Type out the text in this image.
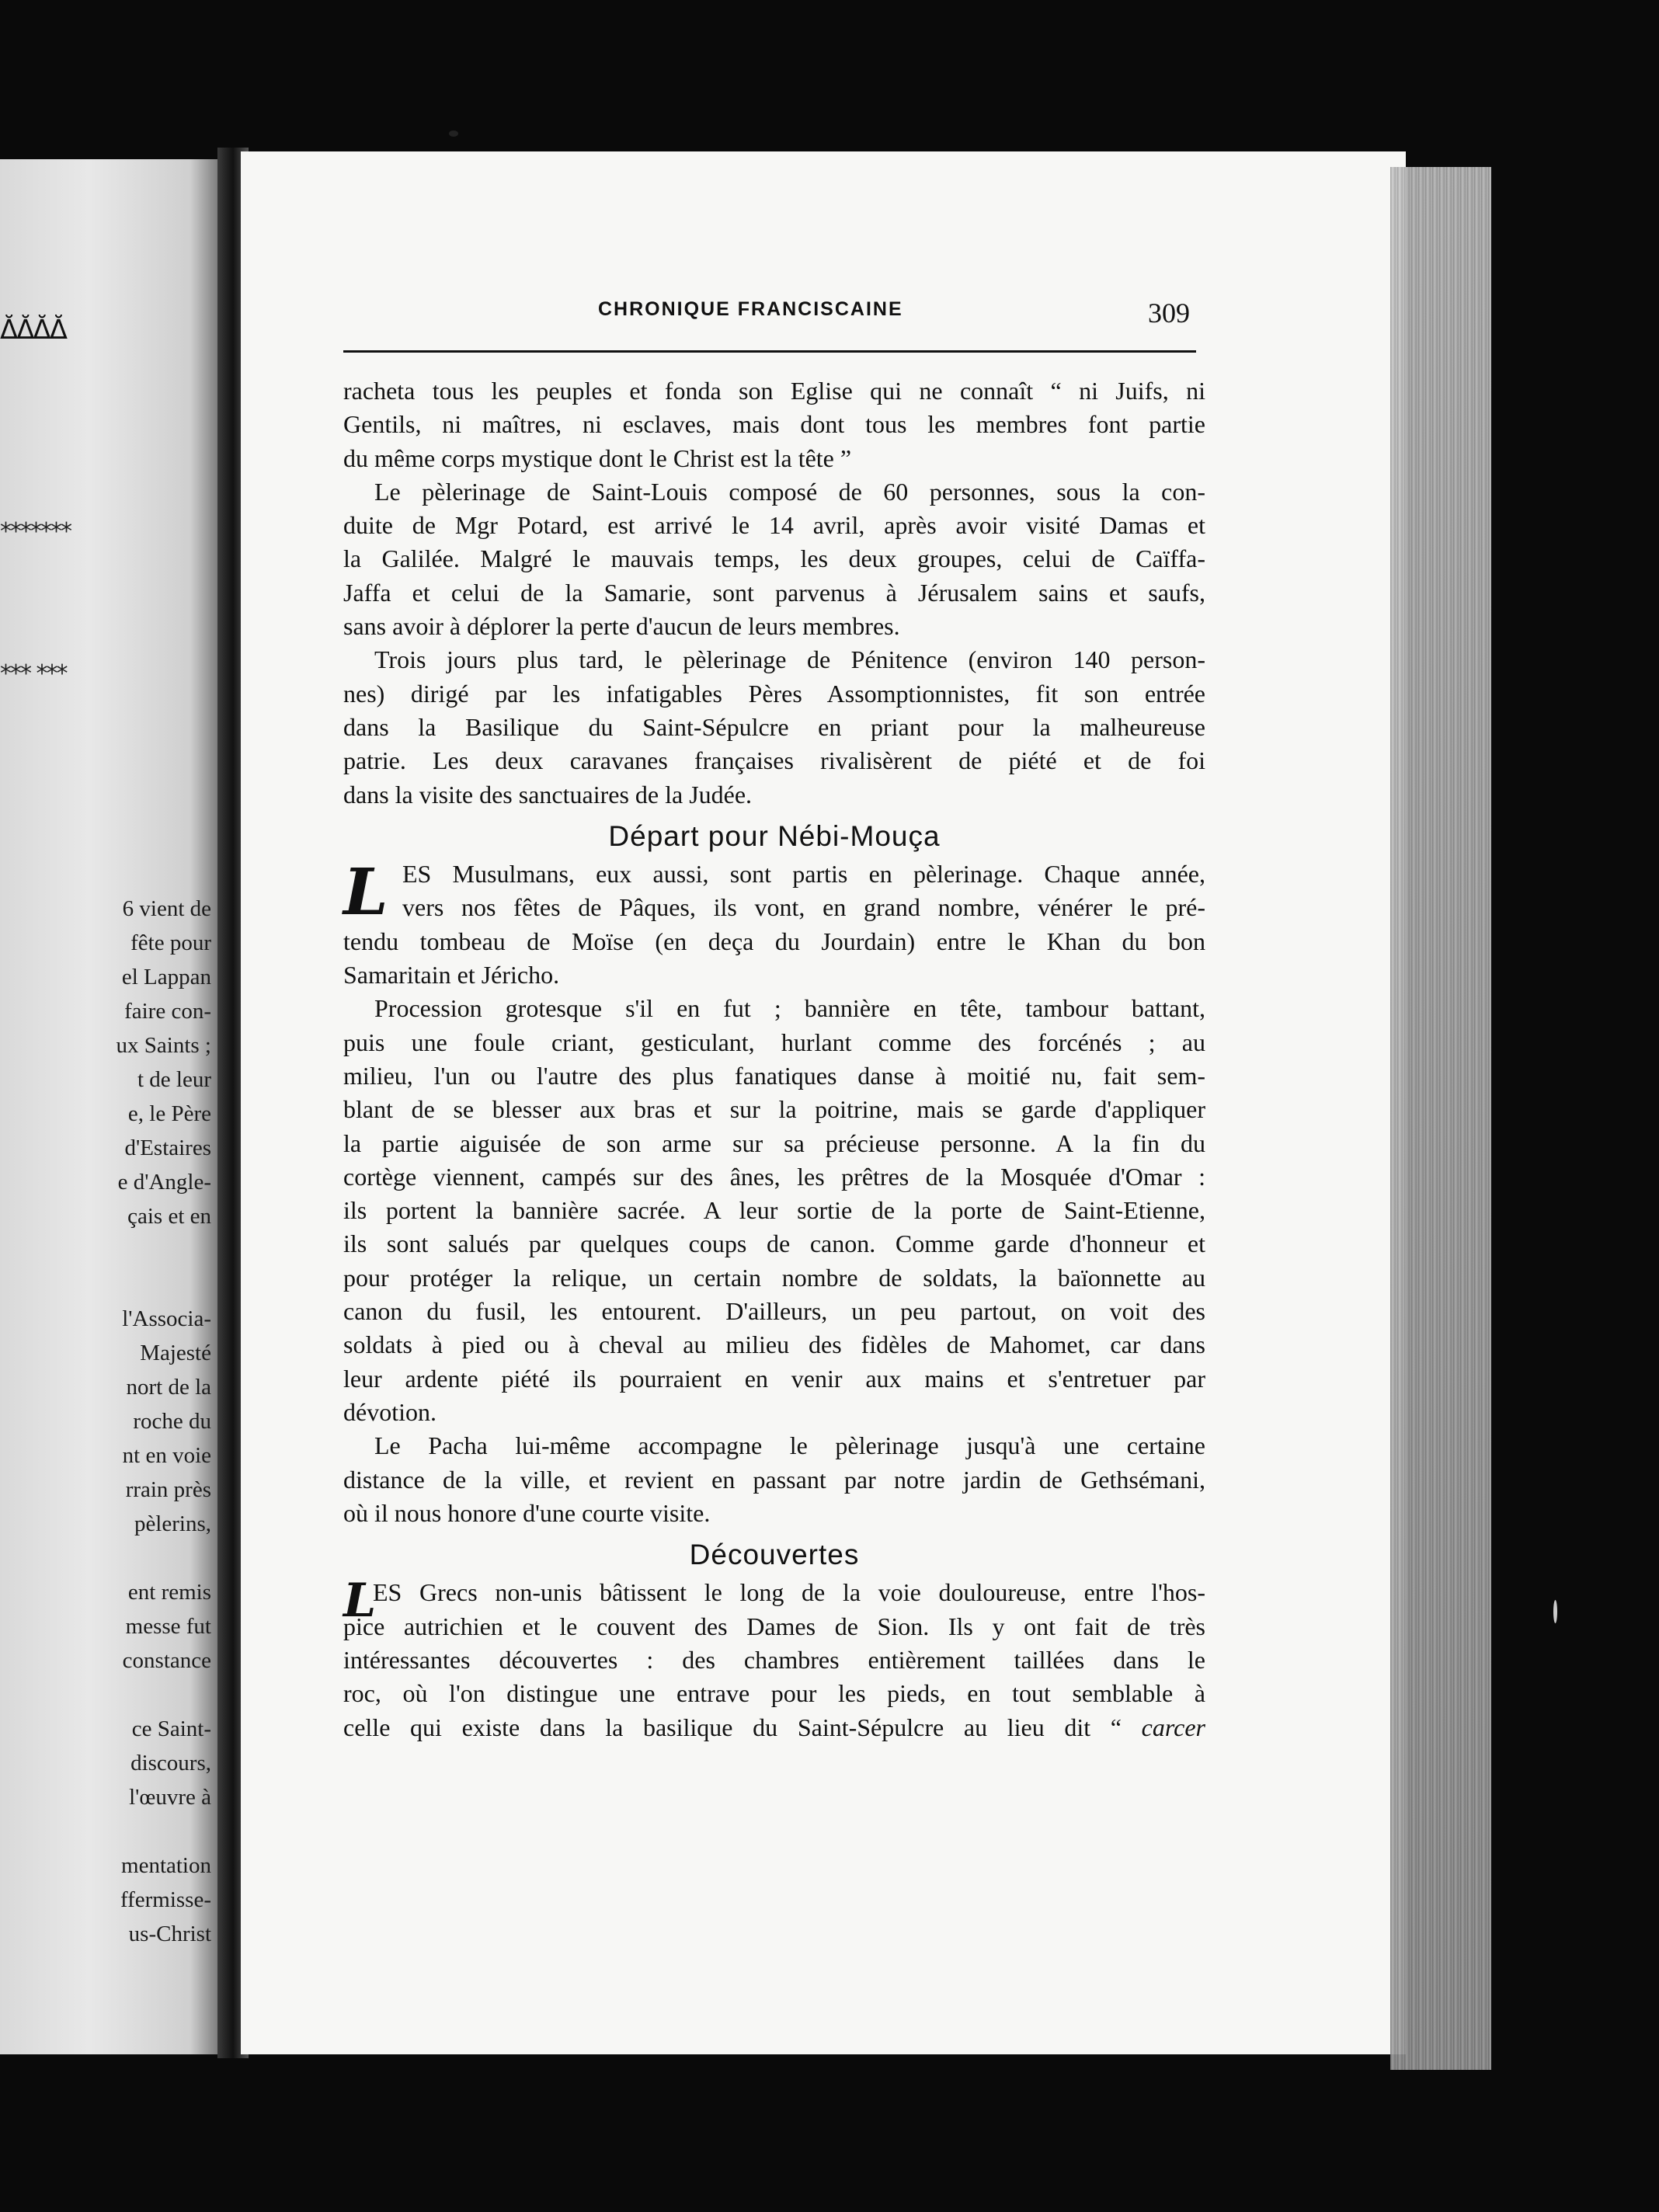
ᐂᐂᐂᐂ
*******
*** ***
6 vient de
fête pour
el Lappan
faire con-
ux Saints ;
t de leur
e, le Père
d'Estaires
e d'Angle-
çais et en

l'Associa-
Majesté
nort de la
roche du
nt en voie
rrain près
pèlerins,

ent remis
messe fut
constance

ce Saint-
discours,
l'œuvre à

mentation
ffermisse-
us-Christ
CHRONIQUE FRANCISCAINE	309
racheta tous les peuples et fonda son Eglise qui ne connaît “ ni Juifs, ni
Gentils, ni maîtres, ni esclaves, mais dont tous les membres font partie
du même corps mystique dont le Christ est la tête ”
Le pèlerinage de Saint-Louis composé de 60 personnes, sous la con-
duite de Mgr Potard, est arrivé le 14 avril, après avoir visité Damas et
la Galilée. Malgré le mauvais temps, les deux groupes, celui de Caïffa-
Jaffa et celui de la Samarie, sont parvenus à Jérusalem sains et saufs,
sans avoir à déplorer la perte d'aucun de leurs membres.
Trois jours plus tard, le pèlerinage de Pénitence (environ 140 person-
nes) dirigé par les infatigables Pères Assomptionnistes, fit son entrée
dans la Basilique du Saint-Sépulcre en priant pour la malheureuse
patrie. Les deux caravanes françaises rivalisèrent de piété et de foi
dans la visite des sanctuaires de la Judée.
Départ pour Nébi-Mouça
L ES Musulmans, eux aussi, sont partis en pèlerinage. Chaque année,
vers nos fêtes de Pâques, ils vont, en grand nombre, vénérer le pré-
tendu tombeau de Moïse (en deça du Jourdain) entre le Khan du bon
Samaritain et Jéricho.
Procession grotesque s'il en fut ; bannière en tête, tambour battant,
puis une foule criant, gesticulant, hurlant comme des forcénés ; au
milieu, l'un ou l'autre des plus fanatiques danse à moitié nu, fait sem-
blant de se blesser aux bras et sur la poitrine, mais se garde d'appliquer
la partie aiguisée de son arme sur sa précieuse personne. A la fin du
cortège viennent, campés sur des ânes, les prêtres de la Mosquée d'Omar :
ils portent la bannière sacrée. A leur sortie de la porte de Saint-Etienne,
ils sont salués par quelques coups de canon. Comme garde d'honneur et
pour protéger la relique, un certain nombre de soldats, la baïonnette au
canon du fusil, les entourent. D'ailleurs, un peu partout, on voit des
soldats à pied ou à cheval au milieu des fidèles de Mahomet, car dans
leur ardente piété ils pourraient en venir aux mains et s'entretuer par
dévotion.
Le Pacha lui-même accompagne le pèlerinage jusqu'à une certaine
distance de la ville, et revient en passant par notre jardin de Gethsémani,
où il nous honore d'une courte visite.
Découvertes
L
ES Grecs non-unis bâtissent le long de la voie douloureuse, entre l'hos-
pice autrichien et le couvent des Dames de Sion. Ils y ont fait de très
intéressantes découvertes : des chambres entièrement taillées dans le
roc, où l'on distingue une entrave pour les pieds, en tout semblable à
celle qui existe dans la basilique du Saint-Sépulcre au lieu dit “ carcer
